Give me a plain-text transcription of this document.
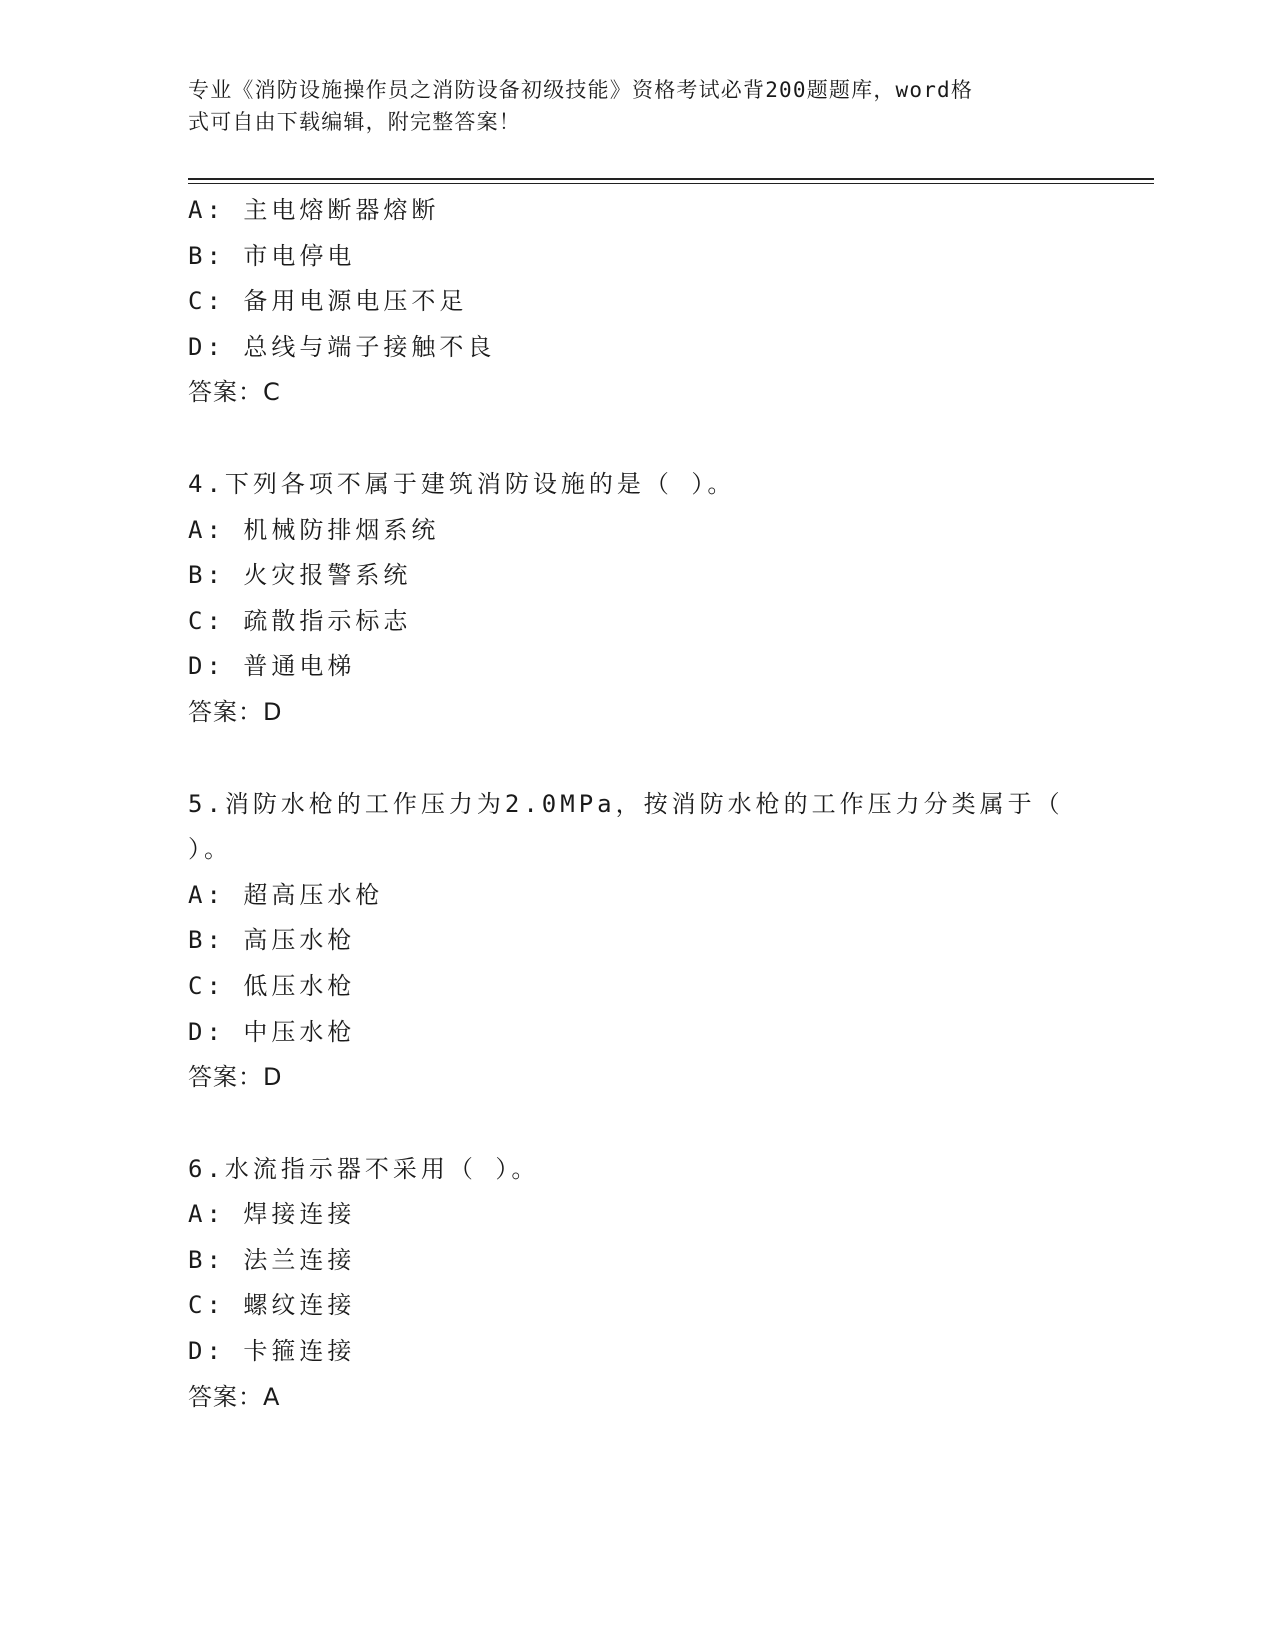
专业《消防设施操作员之消防设备初级技能》资格考试必背200题题库，word格
式可自由下载编辑，附完整答案！
A: 主电熔断器熔断
B: 市电停电
C: 备用电源电压不足
D: 总线与端子接触不良
答案：C
4.下列各项不属于建筑消防设施的是（ ）。
A: 机械防排烟系统
B: 火灾报警系统
C: 疏散指示标志
D: 普通电梯
答案：D
5.消防水枪的工作压力为2.0MPa，按消防水枪的工作压力分类属于（
）。
A: 超高压水枪
B: 高压水枪
C: 低压水枪
D: 中压水枪
答案：D
6.水流指示器不采用（ ）。
A: 焊接连接
B: 法兰连接
C: 螺纹连接
D: 卡箍连接
答案：A
